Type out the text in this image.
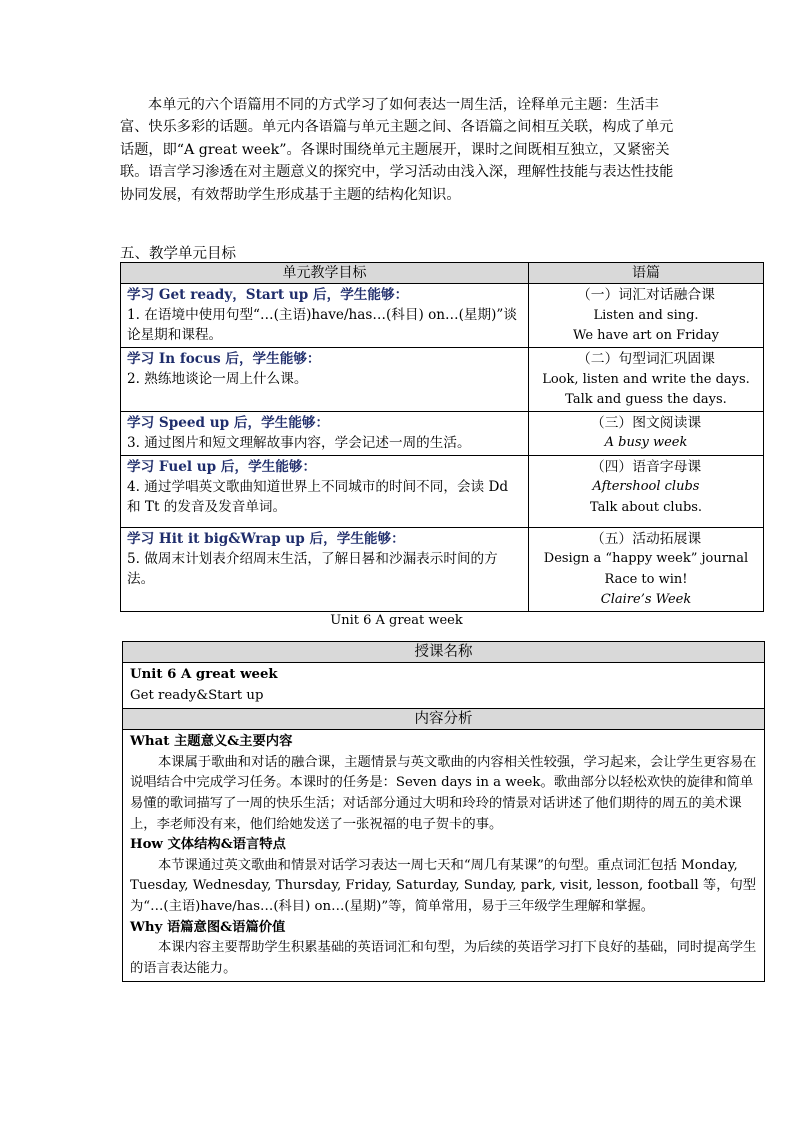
本单元的六个语篇用不同的方式学习了如何表达一周生活，诠释单元主题：生活丰富、快乐多彩的话题。单元内各语篇与单元主题之间、各语篇之间相互关联，构成了单元话题，即“A great week”。各课时围绕单元主题展开，课时之间既相互独立，又紧密关联。语言学习渗透在对主题意义的探究中，学习活动由浅入深，理解性技能与表达性技能协同发展，有效帮助学生形成基于主题的结构化知识。

五、教学单元目标

单元教学目标	语篇

学习 Get ready，Start up 后，学生能够：
1. 在语境中使用句型“…(主语)have/has…(科目) on…(星期)”谈论星期和课程。	（一）词汇对话融合课
Listen and sing.
We have art on Friday

学习 In focus 后，学生能够：
2. 熟练地谈论一周上什么课。	（二）句型词汇巩固课
Look, listen and write the days.
Talk and guess the days.

学习 Speed up 后，学生能够：
3. 通过图片和短文理解故事内容，学会记述一周的生活。	（三）图文阅读课
A busy week

学习 Fuel up 后，学生能够：
4. 通过学唱英文歌曲知道世界上不同城市的时间不同，会读 Dd 和 Tt 的发音及发音单词。	（四）语音字母课
Aftershool clubs
Talk about clubs.

学习 Hit it big&Wrap up 后，学生能够：
5. 做周末计划表介绍周末生活，了解日晷和沙漏表示时间的方法。	（五）活动拓展课
Design a “happy week” journal
Race to win!
Claire’s Week
Unit 6 A great week
授课名称

Unit 6 A great week
Get ready&Start up

内容分析

What 主题意义&主要内容

本课属于歌曲和对话的融合课，主题情景与英文歌曲的内容相关性较强，学习起来，会让学生更容易在说唱结合中完成学习任务。本课时的任务是：Seven days in a week。歌曲部分以轻松欢快的旋律和简单易懂的歌词描写了一周的快乐生活；对话部分通过大明和玲玲的情景对话讲述了他们期待的周五的美术课上，李老师没有来，他们给她发送了一张祝福的电子贺卡的事。

How 文体结构&语言特点

本节课通过英文歌曲和情景对话学习表达一周七天和“周几有某课”的句型。重点词汇包括 Monday, Tuesday, Wednesday, Thursday, Friday, Saturday, Sunday, park, visit, lesson, football 等，句型为“…(主语)have/has…(科目) on…(星期)”等，简单常用，易于三年级学生理解和掌握。

Why 语篇意图&语篇价值

本课内容主要帮助学生积累基础的英语词汇和句型，为后续的英语学习打下良好的基础，同时提高学生的语言表达能力。
